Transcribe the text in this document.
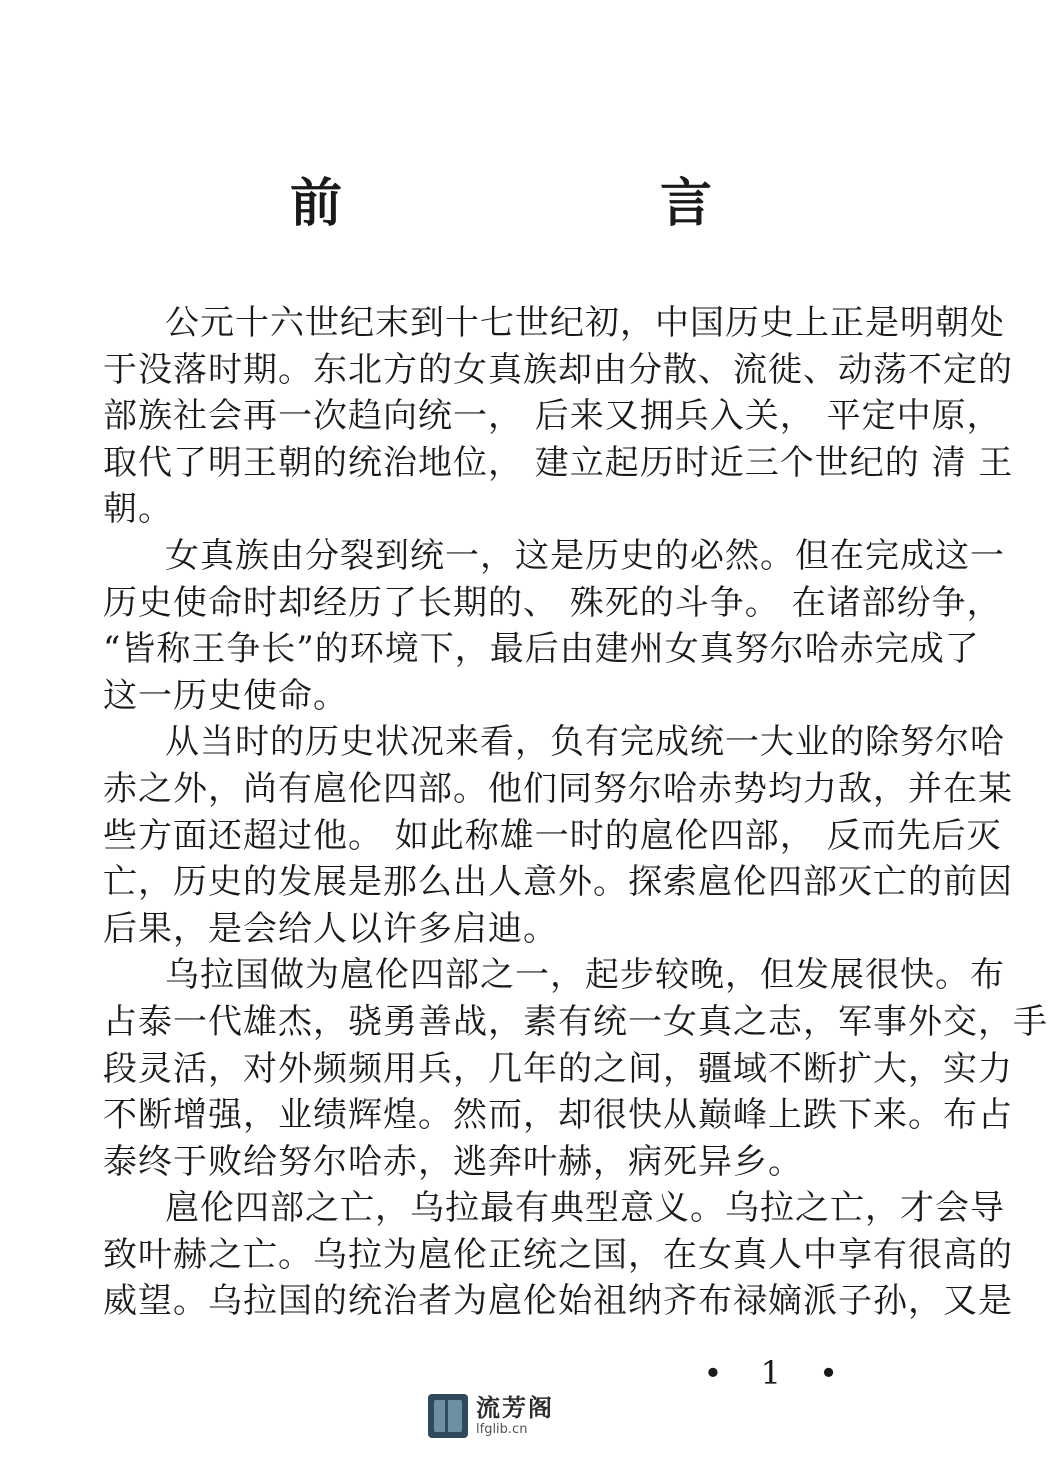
前 言
公元十六世纪末到十七世纪初，中国历史上正是明朝处
于没落时期。东北方的女真族却由分散、流徙、动荡不定的
部族社会再一次趋向统一， 后来又拥兵入关， 平定中原，
取代了明王朝的统治地位， 建立起历时近三个世纪的 清 王
朝。
女真族由分裂到统一，这是历史的必然。但在完成这一
历史使命时却经历了长期的、 殊死的斗争。 在诸部纷争，
“皆称王争长”的环境下，最后由建州女真努尔哈赤完成了
这一历史使命。
从当时的历史状况来看，负有完成统一大业的除努尔哈
赤之外，尚有扈伦四部。他们同努尔哈赤势均力敌，并在某
些方面还超过他。 如此称雄一时的扈伦四部， 反而先后灭
亡，历史的发展是那么出人意外。探索扈伦四部灭亡的前因
后果，是会给人以许多启迪。
乌拉国做为扈伦四部之一，起步较晚，但发展很快。布
占泰一代雄杰，骁勇善战，素有统一女真之志，军事外交，手
段灵活，对外频频用兵，几年的之间，疆域不断扩大，实力
不断增强，业绩辉煌。然而，却很快从巅峰上跌下来。布占
泰终于败给努尔哈赤，逃奔叶赫，病死异乡。
扈伦四部之亡，乌拉最有典型意义。乌拉之亡，才会导
致叶赫之亡。乌拉为扈伦正统之国，在女真人中享有很高的
威望。乌拉国的统治者为扈伦始祖纳齐布禄嫡派子孙，又是
• 1 •
流芳阁
lfglib.cn
